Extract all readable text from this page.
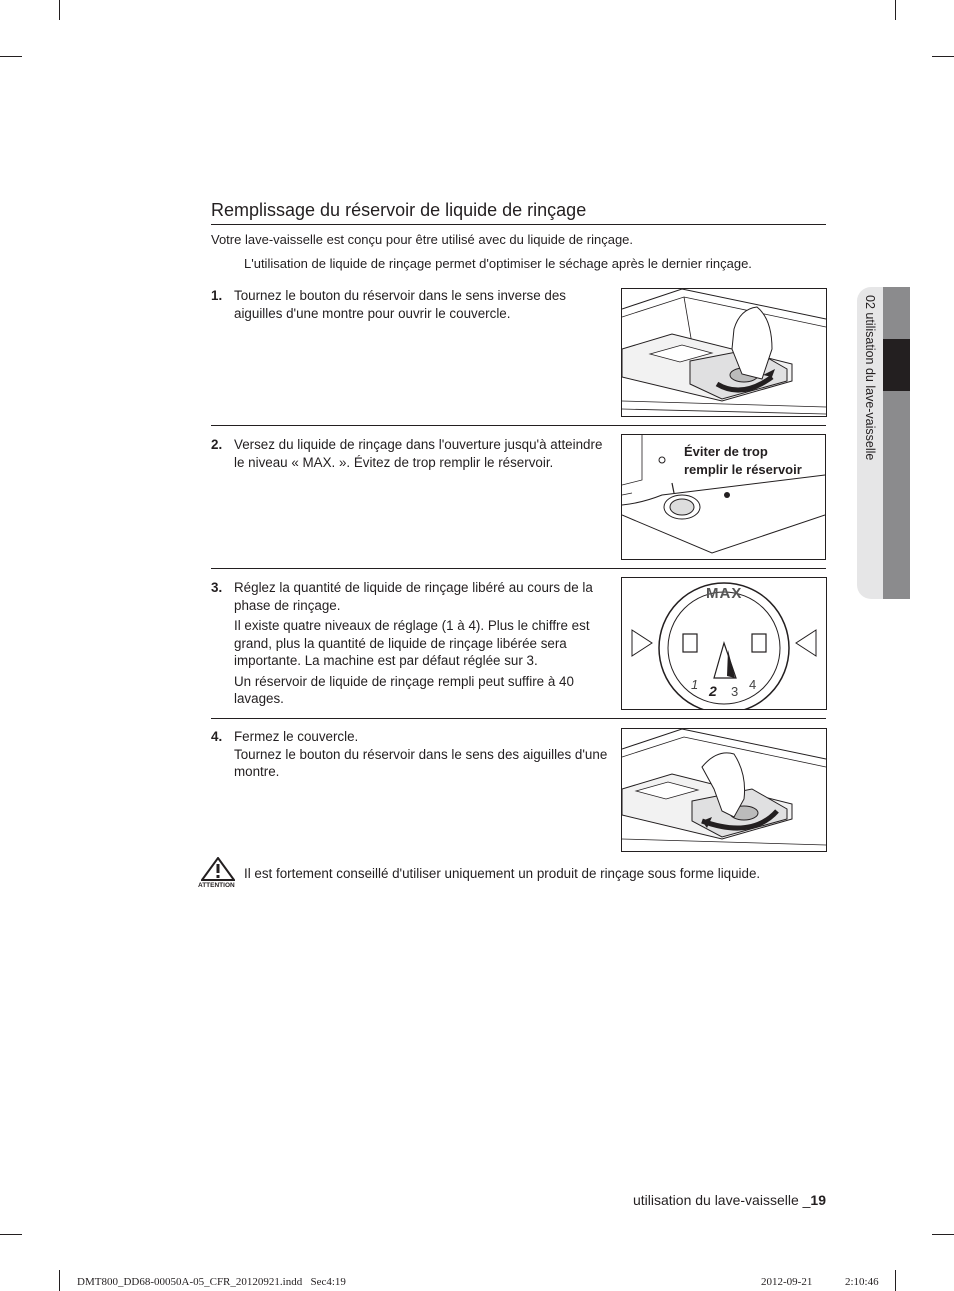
02 utilisation du lave-vaisselle
Remplissage du réservoir de liquide de rinçage
Votre lave-vaisselle est conçu pour être utilisé avec du liquide de rinçage.
L'utilisation de liquide de rinçage permet d'optimiser le séchage après le dernier rinçage.
1. Tournez le bouton du réservoir dans le sens inverse des aiguilles d'une montre pour ouvrir le couvercle.

2. Versez du liquide de rinçage dans l'ouverture jusqu'à atteindre le niveau « MAX. ». Évitez de trop remplir le réservoir.

Éviter de trop
remplir le réservoir
3. Réglez la quantité de liquide de rinçage libéré au cours de la phase de rinçage.

Il existe quatre niveaux de réglage (1 à 4). Plus le chiffre est grand, plus la quantité de liquide de rinçage libérée sera importante. La machine est par défaut réglée sur 3.

Un réservoir de liquide de rinçage rempli peut suffire à 40 lavages.

MAX
1 2 3 4
4. Fermez le couvercle.
Tournez le bouton du réservoir dans le sens des aiguilles d'une montre.
ATTENTION
Il est fortement conseillé d'utiliser uniquement un produit de rinçage sous forme liquide.
utilisation du lave-vaisselle _19
DMT800_DD68-00050A-05_CFR_20120921.indd   Sec4:19	2012-09-21	2:10:46
